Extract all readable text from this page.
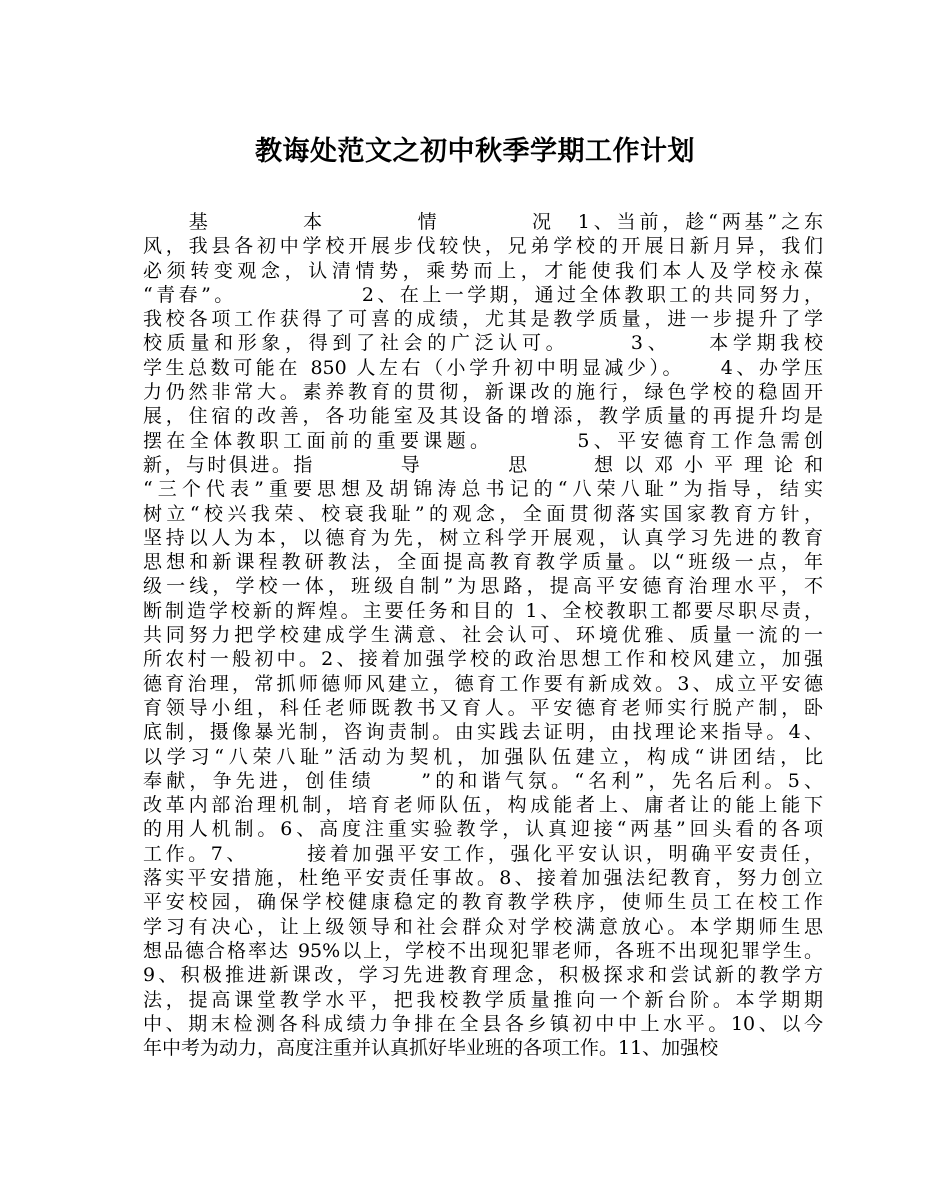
教诲处范文之初中秋季学期工作计划
　　基　　　　本　　　　情　　　　况　1、当前，趁“两基”之东
风，我县各初中学校开展步伐较快，兄弟学校的开展日新月异，我们
必须转变观念，认清情势，乘势而上，才能使我们本人及学校永葆
“青春”。　　　　　　2、在上一学期，通过全体教职工的共同努力，
我校各项工作获得了可喜的成绩，尤其是教学质量，进一步提升了学
校质量和形象，得到了社会的广泛认可。　　　3、　　本学期我校
学生总数可能在 850 人左右（小学升初中明显减少）。　　4、办学压
力仍然非常大。素养教育的贯彻，新课改的施行，绿色学校的稳固开
展，住宿的改善，各功能室及其设备的增添，教学质量的再提升均是
摆在全体教职工面前的重要课题。　　　　5、平安德育工作急需创
新，与时俱进。指　　　　导　　　　思　　　想 以 邓 小 平 理 论 和
“三个代表”重要思想及胡锦涛总书记的“八荣八耻”为指导，结实
树立“校兴我荣、校衰我耻”的观念，全面贯彻落实国家教育方针，
坚持以人为本，以德育为先，树立科学开展观，认真学习先进的教育
思想和新课程教研教法，全面提高教育教学质量。以“班级一点，年
级一线，学校一体，班级自制”为思路，提高平安德育治理水平，不
断制造学校新的辉煌。主要任务和目的 1、全校教职工都要尽职尽责，
共同努力把学校建成学生满意、社会认可、环境优雅、质量一流的一
所农村一般初中。2、接着加强学校的政治思想工作和校风建立，加强
德育治理，常抓师德师风建立，德育工作要有新成效。3、成立平安德
育领导小组，科任老师既教书又育人。平安德育老师实行脱产制，卧
底制，摄像暴光制，咨询责制。由实践去证明，由找理论来指导。4、
以学习“八荣八耻”活动为契机，加强队伍建立，构成“讲团结，比
奉献，争先进，创佳绩　　”的和谐气氛。“名利”，先名后利。5、
改革内部治理机制，培育老师队伍，构成能者上、庸者让的能上能下
的用人机制。6、高度注重实验教学，认真迎接“两基”回头看的各项
工作。7、　　　接着加强平安工作，强化平安认识，明确平安责任，
落实平安措施，杜绝平安责任事故。8、接着加强法纪教育，努力创立
平安校园，确保学校健康稳定的教育教学秩序，使师生员工在校工作
学习有决心，让上级领导和社会群众对学校满意放心。本学期师生思
想品德合格率达 95%以上，学校不出现犯罪老师，各班不出现犯罪学生。
9、积极推进新课改，学习先进教育理念，积极探求和尝试新的教学方
法，提高课堂教学水平，把我校教学质量推向一个新台阶。本学期期
中、期末检测各科成绩力争排在全县各乡镇初中中上水平。10、以今
年中考为动力，高度注重并认真抓好毕业班的各项工作。11、加强校
